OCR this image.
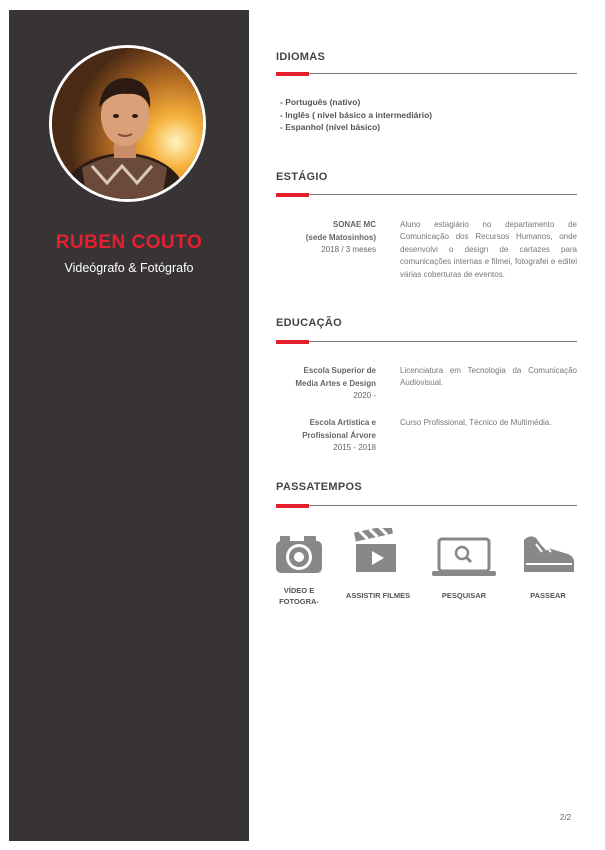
RUBEN COUTO
Videógrafo & Fotógrafo
IDIOMAS
- Português (nativo)
- Inglês ( nível básico a intermediário)
- Espanhol (nível básico)
ESTÁGIO
SONAE MC
(sede Matosinhos)
2018 / 3 meses
Aluno estagiário no departamento de Comunicação dos Recursos Humanos, onde desenvolvi o design de cartazes para comunicações internas e filmei, fotografei e editei várias coberturas de eventos.
EDUCAÇÃO
Escola Superior de
Media Artes e Design
2020 -
Licenciatura em Tecnologia da Comunicação Audiovisual.
Escola Artística e
Profissional Árvore
2015 - 2018
Curso Profissional, Técnico de Multimédia.
PASSATEMPOS
VÍDEO E
FOTOGRA-
ASSISTIR FILMES	PESQUISAR	PASSEAR
2/2
